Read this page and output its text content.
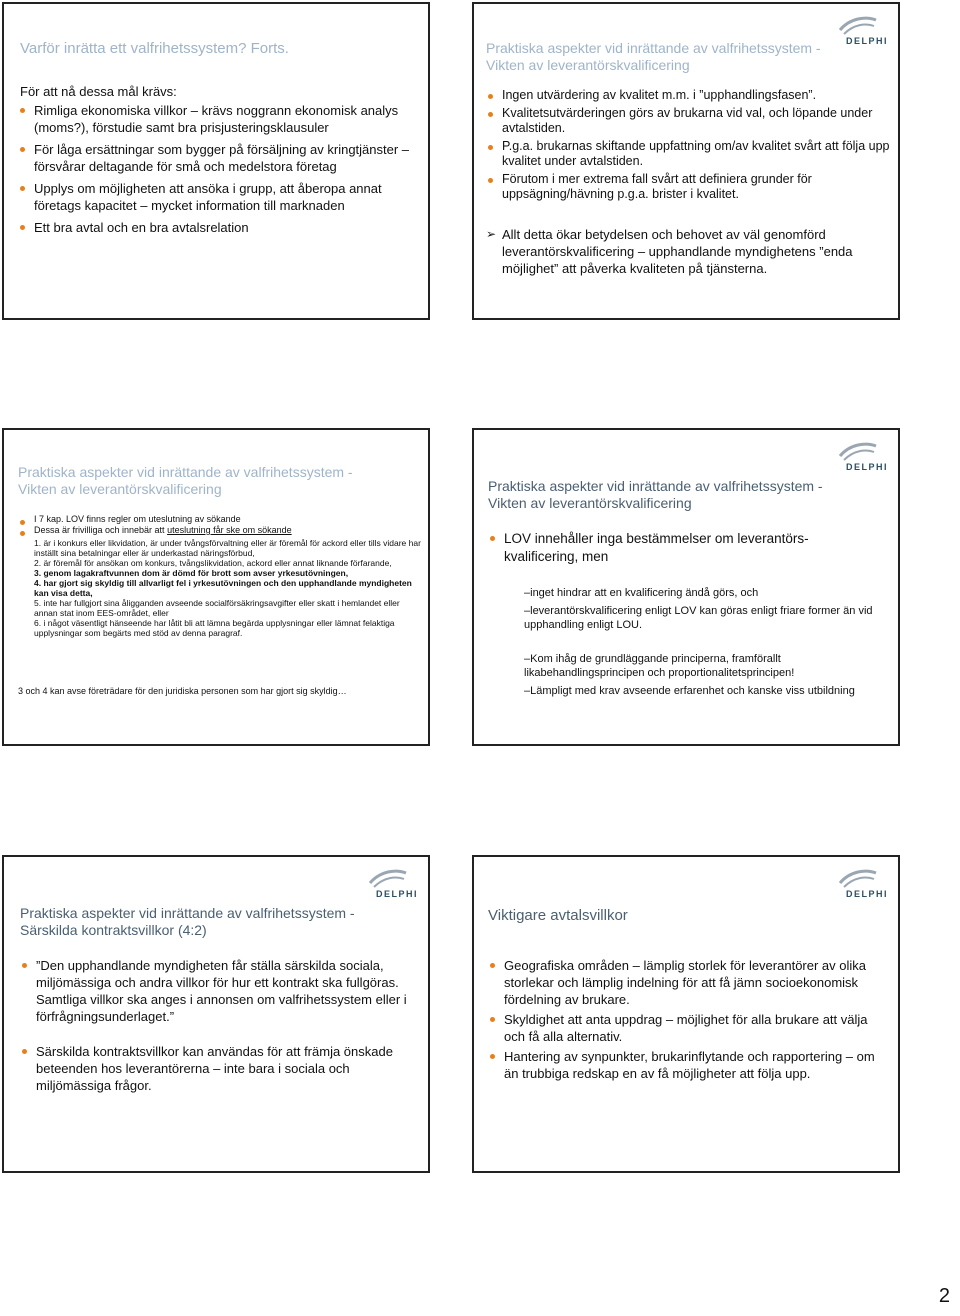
Varför inrätta ett valfrihetssystem? Forts.
För att nå dessa mål krävs:
Rimliga ekonomiska villkor – krävs noggrann ekonomisk analys (moms?), förstudie samt bra prisjusteringsklausuler
För låga ersättningar som bygger på försäljning av kringtjänster – försvårar deltagande för små och medelstora företag
Upplys om möjligheten att ansöka i grupp, att åberopa annat företags kapacitet – mycket information till marknaden
Ett bra avtal och en bra avtalsrelation
DELPHI
Praktiska aspekter vid inrättande av valfrihetssystem -
Vikten av leverantörskvalificering
Ingen utvärdering av kvalitet m.m. i ”upphandlingsfasen”.
Kvalitetsutvärderingen görs av brukarna vid val, och löpande under avtalstiden.
P.g.a. brukarnas skiftande uppfattning om/av kvalitet svårt att följa upp kvalitet under avtalstiden.
Förutom i mer extrema fall svårt att definiera grunder för uppsägning/hävning p.g.a. brister i kvalitet.
➢ Allt detta ökar betydelsen och behovet av väl genomförd leverantörskvalificering – upphandlande myndighetens ”enda möjlighet” att påverka kvaliteten på tjänsterna.
Praktiska aspekter vid inrättande av valfrihetssystem -
Vikten av leverantörskvalificering
I 7 kap. LOV finns regler om uteslutning av sökande
Dessa är frivilliga och innebär att uteslutning får ske om sökande
1. är i konkurs eller likvidation, är under tvångsförvaltning eller är föremål för ackord eller tills vidare har inställt sina betalningar eller är underkastad näringsförbud,
2. är föremål för ansökan om konkurs, tvångslikvidation, ackord eller annat liknande förfarande,
3. genom lagakraftvunnen dom är dömd för brott som avser yrkesutövningen,
4. har gjort sig skyldig till allvarligt fel i yrkesutövningen och den upphandlande myndigheten kan visa detta,
5. inte har fullgjort sina åligganden avseende socialförsäkringsavgifter eller skatt i hemlandet eller annan stat inom EES-området, eller
6. i något väsentligt hänseende har låtit bli att lämna begärda upplysningar eller lämnat felaktiga upplysningar som begärts med stöd av denna paragraf.
3 och 4 kan avse företrädare för den juridiska personen som har gjort sig skyldig…
DELPHI
Praktiska aspekter vid inrättande av valfrihetssystem -
Vikten av leverantörskvalificering
LOV innehåller inga bestämmelser om leverantörs-kvalificering, men
– inget hindrar att en kvalificering ändå görs, och
– leverantörskvalificering enligt LOV kan göras enligt friare former än vid upphandling enligt LOU.
– Kom ihåg de grundläggande principerna, framförallt likabehandlingsprincipen och proportionalitetsprincipen!
– Lämpligt med krav avseende erfarenhet och kanske viss utbildning
DELPHI
Praktiska aspekter vid inrättande av valfrihetssystem -
Särskilda kontraktsvillkor (4:2)
”Den upphandlande myndigheten får ställa särskilda sociala, miljömässiga och andra villkor för hur ett kontrakt ska fullgöras. Samtliga villkor ska anges i annonsen om valfrihetssystem eller i förfrågningsunderlaget.”
Särskilda kontraktsvillkor kan användas för att främja önskade beteenden hos leverantörerna – inte bara i sociala och miljömässiga frågor.
DELPHI
Viktigare avtalsvillkor
Geografiska områden – lämplig storlek för leverantörer av olika storlekar och lämplig indelning för att få jämn socioekonomisk fördelning av brukare.
Skyldighet att anta uppdrag – möjlighet för alla brukare att välja och få alla alternativ.
Hantering av synpunkter, brukarinflytande och rapportering – om än trubbiga redskap en av få möjligheter att följa upp.
2
